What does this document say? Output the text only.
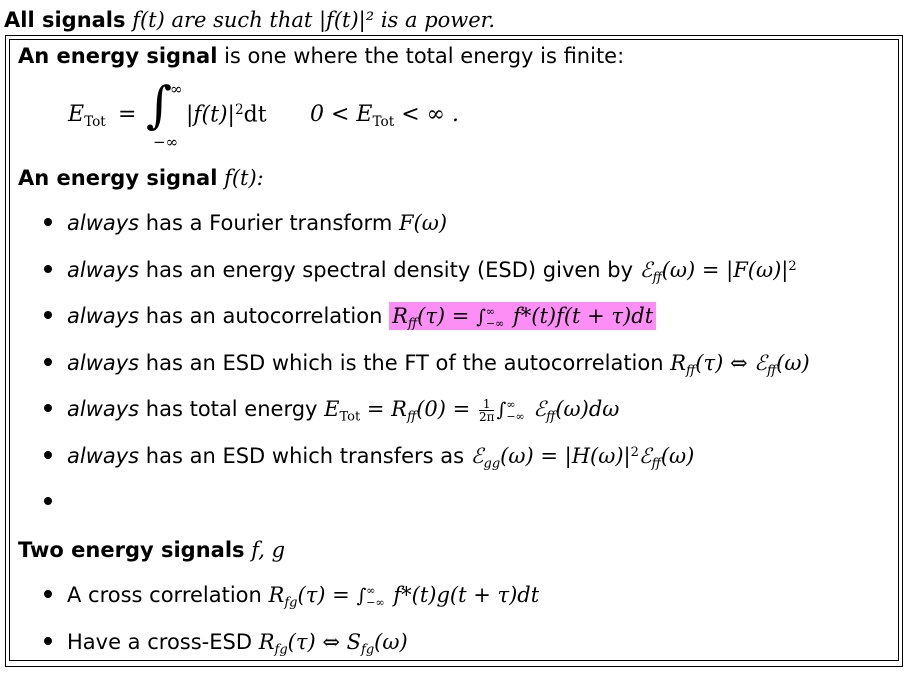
All signals f(t) are such that |f(t)|² is a power.
An energy signal is one where the total energy is finite:
$E_{Tot}$ = ∫
∞
−∞
$|f(t)|^2dt$ $0 < E_{Tot}$ < ∞ .
An energy signal f(t):
always has a Fourier transform F(ω)
always has an energy spectral density (ESD) given by ℰ$_{ff}$(ω) = $|F(\omega)|^2$
always has an autocorrelation $R_{ff}(\tau)$ = ∫ ∞
−∞ f*(t)f(t + τ)dt
always has an ESD which is the FT of the autocorrelation $R_{ff}(\tau)$ ⇔ ℰ$_{ff}$(ω)
always has total energy $E_{Tot} = R_{ff}(0) = \frac{1}{2\pi}$ ∫ ∞
−∞ ℰ$_{ff}$(ω)dω
always has an ESD which transfers as ℰ$_{gg}$(ω) = $|H(\omega)|^2ℰ_{ff}(\omega)$
Two energy signals f, g
A cross correlation $R_{fg}(\tau)$ = ∫ ∞
−∞ f*(t)g(t + τ)dt
Have a cross-ESD $R_{fg}(\tau)$ ⇔ $S_{fg}(\omega)$
